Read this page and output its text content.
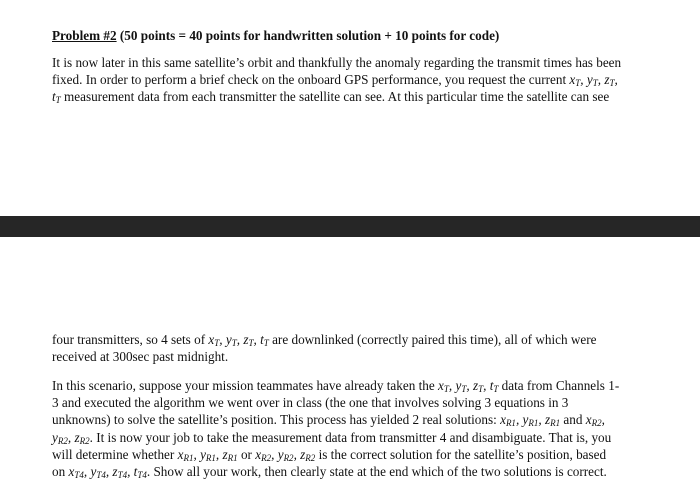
Problem #2 (50 points = 40 points for handwritten solution + 10 points for code)
It is now later in this same satellite’s orbit and thankfully the anomaly regarding the transmit times has been
fixed. In order to perform a brief check on the onboard GPS performance, you request the current $x_T$, $y_T$, $z_T$,
$t_T$ measurement data from each transmitter the satellite can see. At this particular time the satellite can see
four transmitters, so 4 sets of $x_T$, $y_T$, $z_T$, $t_T$ are downlinked (correctly paired this time), all of which were
received at 300sec past midnight.
In this scenario, suppose your mission teammates have already taken the $x_T$, $y_T$, $z_T$, $t_T$ data from Channels 1-
3 and executed the algorithm we went over in class (the one that involves solving 3 equations in 3
unknowns) to solve the satellite’s position. This process has yielded 2 real solutions: $x_{R1}$, $y_{R1}$, $z_{R1}$ and $x_{R2}$,
$y_{R2}$, $z_{R2}$. It is now your job to take the measurement data from transmitter 4 and disambiguate. That is, you
will determine whether $x_{R1}$, $y_{R1}$, $z_{R1}$ or $x_{R2}$, $y_{R2}$, $z_{R2}$ is the correct solution for the satellite’s position, based
on $x_{T4}$, $y_{T4}$, $z_{T4}$, $t_{T4}$. Show all your work, then clearly state at the end which of the two solutions is correct.
